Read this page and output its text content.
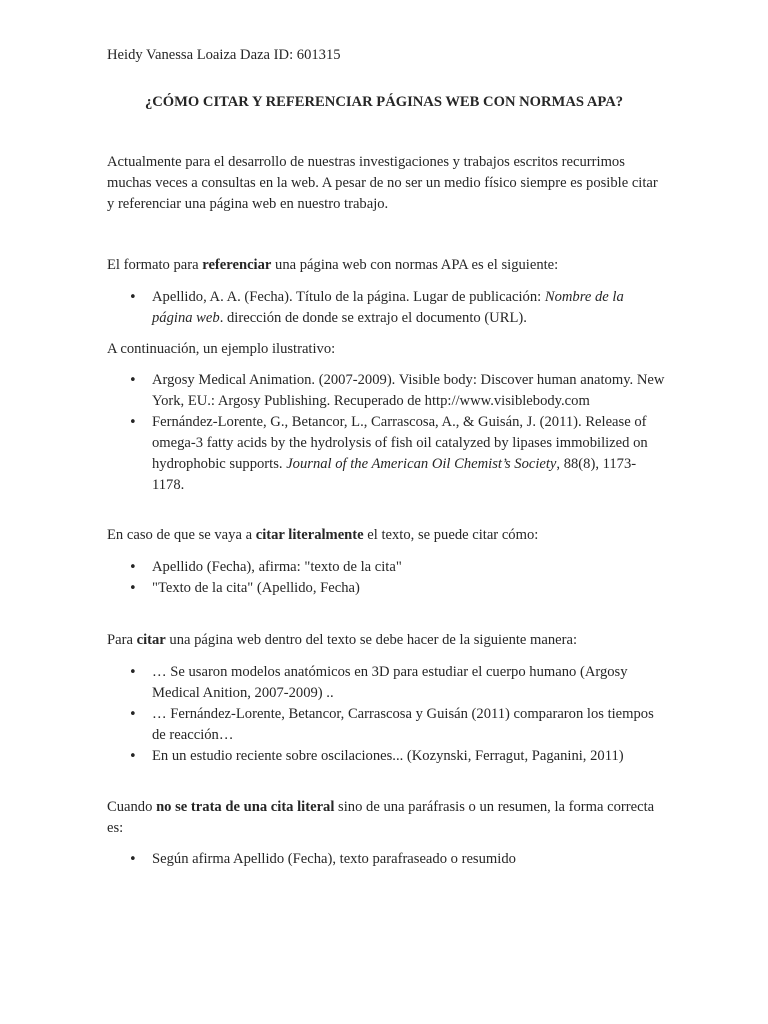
Heidy Vanessa Loaiza Daza ID: 601315

¿CÓMO CITAR Y REFERENCIAR PÁGINAS WEB CON NORMAS APA?

Actualmente para el desarrollo de nuestras investigaciones y trabajos escritos recurrimos muchas veces a consultas en la web. A pesar de no ser un medio físico siempre es posible citar y referenciar una página web en nuestro trabajo.

El formato para referenciar una página web con normas APA es el siguiente:

• Apellido, A. A. (Fecha). Título de la página. Lugar de publicación: Nombre de la página web. dirección de donde se extrajo el documento (URL).

A continuación, un ejemplo ilustrativo:

• Argosy Medical Animation. (2007-2009). Visible body: Discover human anatomy. New York, EU.: Argosy Publishing. Recuperado de http://www.visiblebody.com
• Fernández-Lorente, G., Betancor, L., Carrascosa, A., & Guisán, J. (2011). Release of omega-3 fatty acids by the hydrolysis of fish oil catalyzed by lipases immobilized on hydrophobic supports. Journal of the American Oil Chemist’s Society, 88(8), 1173-1178.

En caso de que se vaya a citar literalmente el texto, se puede citar cómo:

• Apellido (Fecha), afirma: "texto de la cita"
• "Texto de la cita" (Apellido, Fecha)

Para citar una página web dentro del texto se debe hacer de la siguiente manera:

• … Se usaron modelos anatómicos en 3D para estudiar el cuerpo humano (Argosy Medical Anition, 2007-2009) ..
• … Fernández-Lorente, Betancor, Carrascosa y Guisán (2011) compararon los tiempos de reacción…
• En un estudio reciente sobre oscilaciones... (Kozynski, Ferragut, Paganini, 2011)

Cuando no se trata de una cita literal sino de una paráfrasis o un resumen, la forma correcta es:

• Según afirma Apellido (Fecha), texto parafraseado o resumido
